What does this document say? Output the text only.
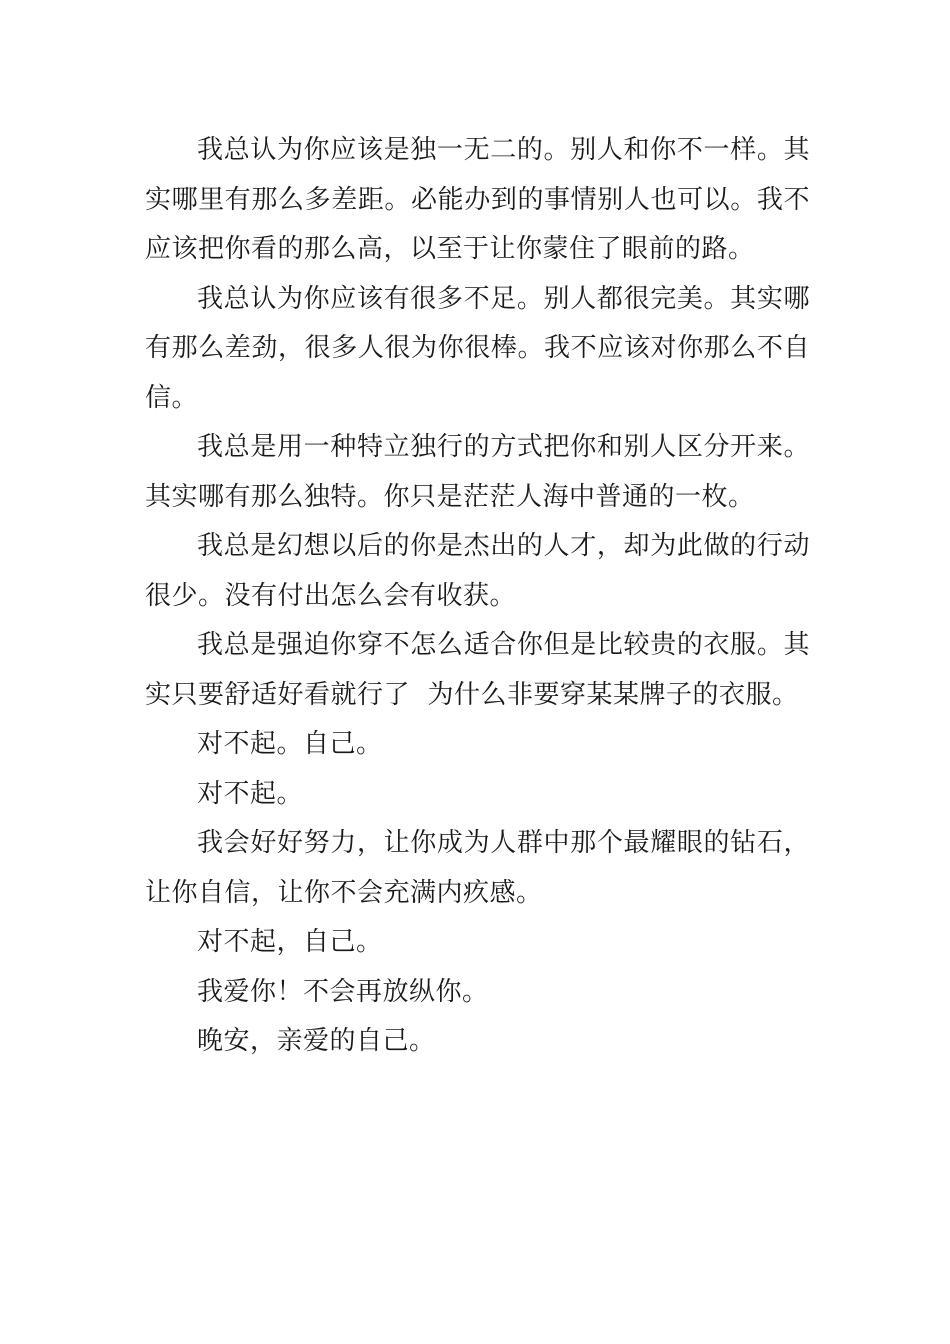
我总认为你应该是独一无二的。别人和你不一样。其实哪里有那么多差距。必能办到的事情别人也可以。我不应该把你看的那么高，以至于让你蒙住了眼前的路。

我总认为你应该有很多不足。别人都很完美。其实哪有那么差劲，很多人很为你很棒。我不应该对你那么不自信。

我总是用一种特立独行的方式把你和别人区分开来。其实哪有那么独特。你只是茫茫人海中普通的一枚。

我总是幻想以后的你是杰出的人才，却为此做的行动很少。没有付出怎么会有收获。

我总是强迫你穿不怎么适合你但是比较贵的衣服。其实只要舒适好看就行了  为什么非要穿某某牌子的衣服。

对不起。自己。

对不起。

我会好好努力，让你成为人群中那个最耀眼的钻石，让你自信，让你不会充满内疚感。

对不起，自己。

我爱你！不会再放纵你。

晚安，亲爱的自己。
